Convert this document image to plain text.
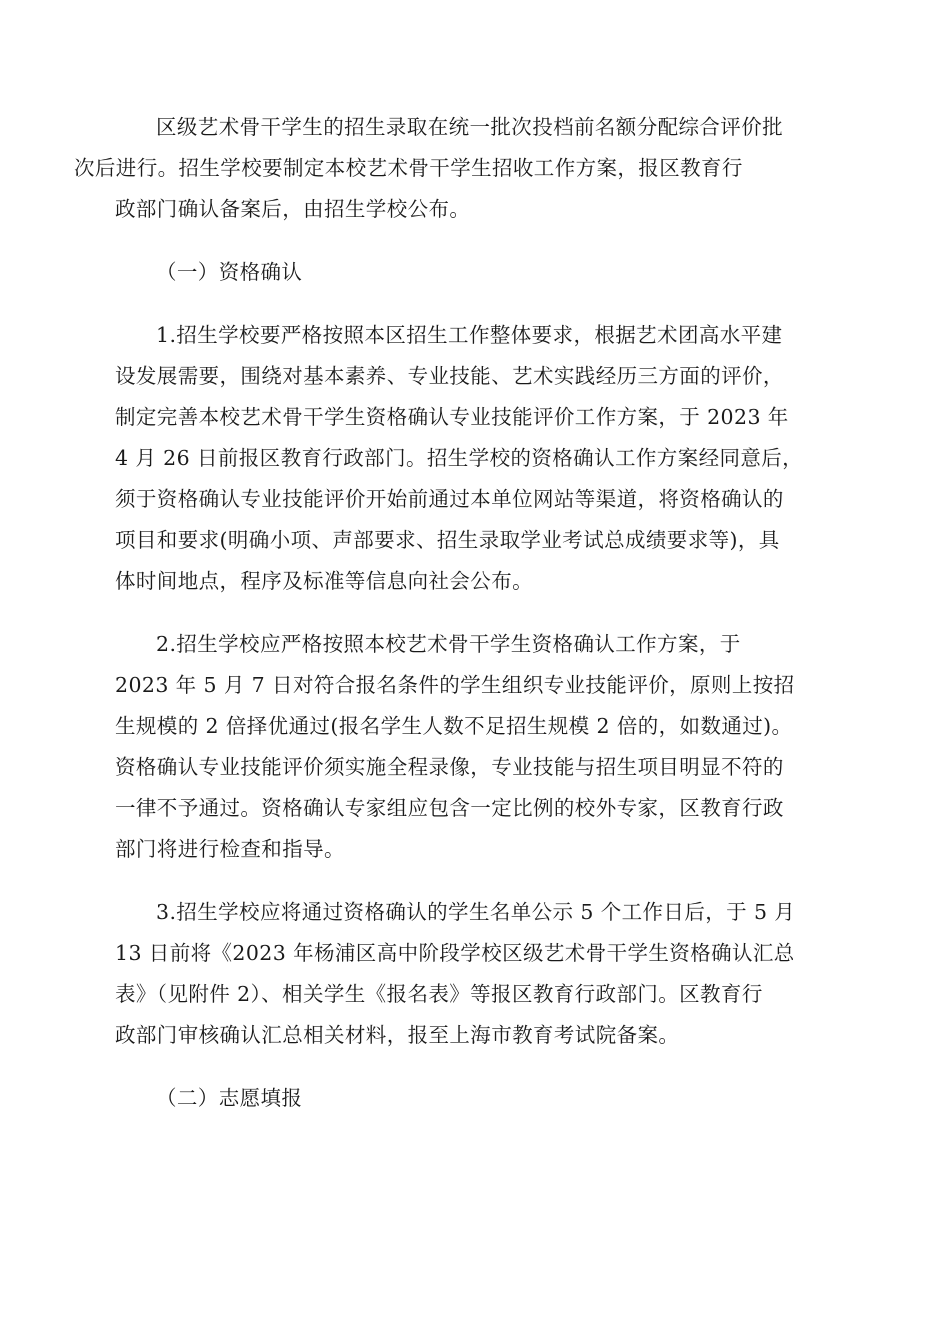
区级艺术骨干学生的招生录取在统一批次投档前名额分配综合评价批
次后进行。招生学校要制定本校艺术骨干学生招收工作方案，报区教育行
政部门确认备案后，由招生学校公布。
（一）资格确认
1.招生学校要严格按照本区招生工作整体要求，根据艺术团高水平建
设发展需要，围绕对基本素养、专业技能、艺术实践经历三方面的评价，
制定完善本校艺术骨干学生资格确认专业技能评价工作方案，于 2023 年
4 月 26 日前报区教育行政部门。招生学校的资格确认工作方案经同意后，
须于资格确认专业技能评价开始前通过本单位网站等渠道，将资格确认的
项目和要求(明确小项、声部要求、招生录取学业考试总成绩要求等)，具
体时间地点，程序及标准等信息向社会公布。
2.招生学校应严格按照本校艺术骨干学生资格确认工作方案，于
2023 年 5 月 7 日对符合报名条件的学生组织专业技能评价，原则上按招
生规模的 2 倍择优通过(报名学生人数不足招生规模 2 倍的，如数通过)。
资格确认专业技能评价须实施全程录像，专业技能与招生项目明显不符的
一律不予通过。资格确认专家组应包含一定比例的校外专家，区教育行政
部门将进行检查和指导。
3.招生学校应将通过资格确认的学生名单公示 5 个工作日后，于 5 月
13 日前将《2023 年杨浦区高中阶段学校区级艺术骨干学生资格确认汇总
表》（见附件 2）、相关学生《报名表》等报区教育行政部门。区教育行
政部门审核确认汇总相关材料，报至上海市教育考试院备案。
（二）志愿填报
